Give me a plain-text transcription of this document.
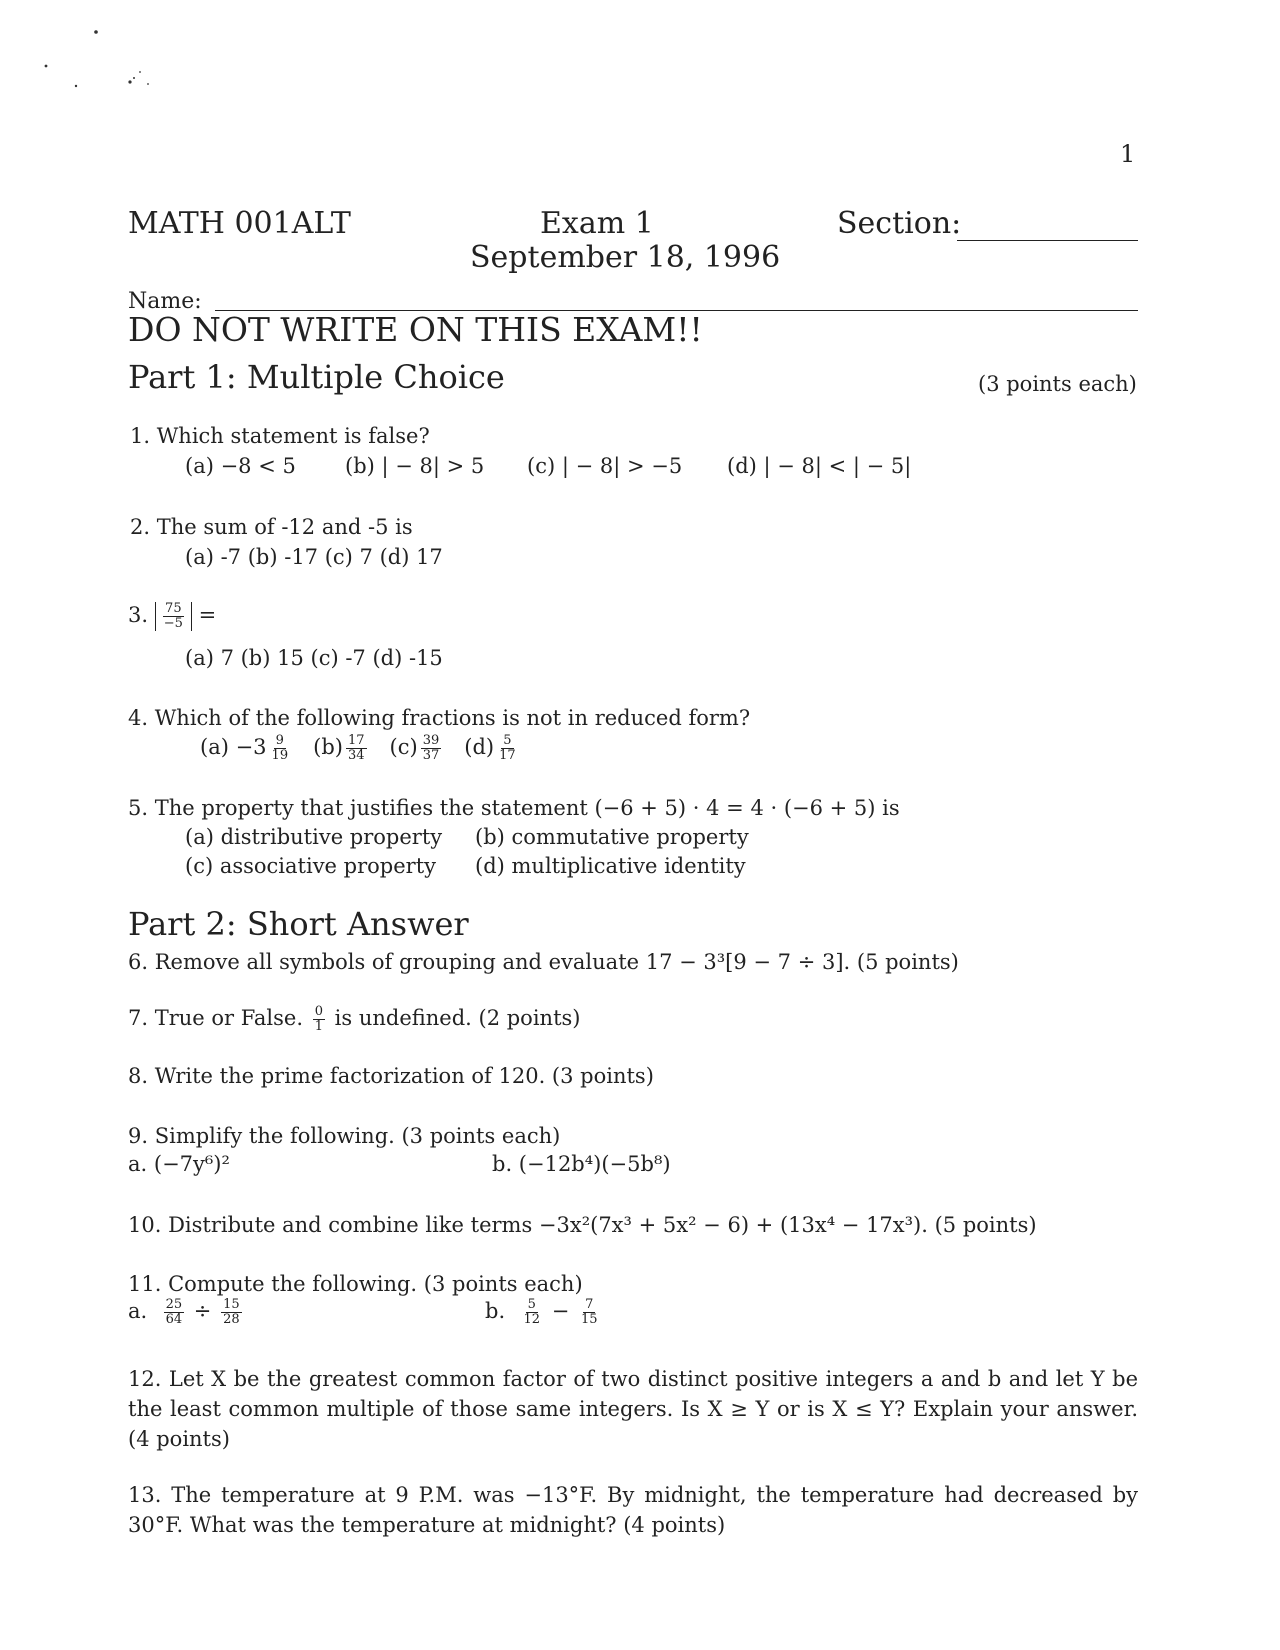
1
MATH 001ALT	Exam 1
September 18, 1996
Section:
Name:
DO NOT WRITE ON THIS EXAM!!
Part 1: Multiple Choice	(3 points each)
1. Which statement is false?
(a) −8 < 5 (b) | − 8| > 5 (c) | − 8| > −5 (d) | − 8| < | − 5|
2. The sum of -12 and -5 is
(a) -7 (b) -17 (c) 7 (d) 17
3. $\frac{75}{-5}$ =
(a) 7 (b) 15 (c) -7 (d) -15
4. Which of the following fractions is not in reduced form?
$(a) -3 \frac{9}{19} (b) \frac{17}{34} (c) \frac{39}{37} (d) \frac{5}{17}$
5. The property that justifies the statement (−6 + 5) · 4 = 4 · (−6 + 5) is
(a) distributive property (b) commutative property
(c) associative property (d) multiplicative identity
Part 2: Short Answer
6. Remove all symbols of grouping and evaluate 17 − 3³[9 − 7 ÷ 3]. (5 points)
7. True or False. $\frac{0}{1}$ is undefined. (2 points)
8. Write the prime factorization of 120. (3 points)
9. Simplify the following. (3 points each)
a. (−7y⁶)²	b. (−12b⁴)(−5b⁸)
10. Distribute and combine like terms −3x²(7x³ + 5x² − 6) + (13x⁴ − 17x³). (5 points)
11. Compute the following. (3 points each)
a. $\frac{25}{64} \div \frac{15}{28}$	b. $\frac{5}{12} - \frac{7}{15}$
12. Let X be the greatest common factor of two distinct positive integers a and b and let Y be the least common multiple of those same integers. Is X ≥ Y or is X ≤ Y? Explain your answer. (4 points)
13. The temperature at 9 P.M. was −13°F. By midnight, the temperature had decreased by 30°F. What was the temperature at midnight? (4 points)
